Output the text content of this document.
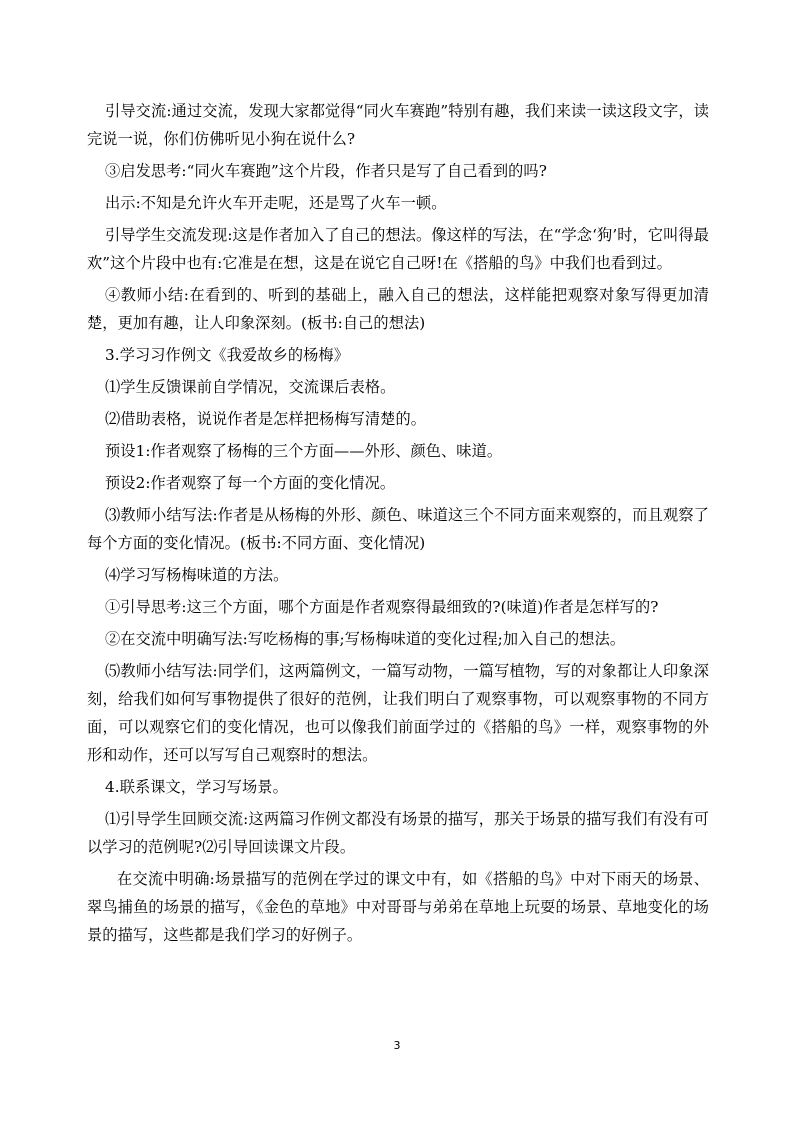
引导交流:通过交流，发现大家都觉得“同火车赛跑”特别有趣，我们来读一读这段文字，读完说一说，你们仿佛听见小狗在说什么?

③启发思考:“同火车赛跑”这个片段，作者只是写了自己看到的吗?

出示:不知是允许火车开走呢，还是骂了火车一顿。

引导学生交流发现:这是作者加入了自己的想法。像这样的写法，在“学念‘狗’时，它叫得最欢”这个片段中也有:它准是在想，这是在说它自己呀!在《搭船的鸟》中我们也看到过。

④教师小结:在看到的、听到的基础上，融入自己的想法，这样能把观察对象写得更加清楚，更加有趣，让人印象深刻。(板书:自己的想法)

3.学习习作例文《我爱故乡的杨梅》

⑴学生反馈课前自学情况，交流课后表格。

⑵借助表格，说说作者是怎样把杨梅写清楚的。

预设1:作者观察了杨梅的三个方面——外形、颜色、味道。

预设2:作者观察了每一个方面的变化情况。

⑶教师小结写法:作者是从杨梅的外形、颜色、味道这三个不同方面来观察的，而且观察了每个方面的变化情况。(板书:不同方面、变化情况)

⑷学习写杨梅味道的方法。

①引导思考:这三个方面，哪个方面是作者观察得最细致的?(味道)作者是怎样写的?

②在交流中明确写法:写吃杨梅的事;写杨梅味道的变化过程;加入自己的想法。

⑸教师小结写法:同学们，这两篇例文，一篇写动物，一篇写植物，写的对象都让人印象深刻，给我们如何写事物提供了很好的范例，让我们明白了观察事物，可以观察事物的不同方面，可以观察它们的变化情况，也可以像我们前面学过的《搭船的鸟》一样，观察事物的外形和动作，还可以写写自己观察时的想法。

4.联系课文，学习写场景。

⑴引导学生回顾交流:这两篇习作例文都没有场景的描写，那关于场景的描写我们有没有可以学习的范例呢?⑵引导回读课文片段。

在交流中明确:场景描写的范例在学过的课文中有，如《搭船的鸟》中对下雨天的场景、翠鸟捕鱼的场景的描写，《金色的草地》中对哥哥与弟弟在草地上玩耍的场景、草地变化的场景的描写，这些都是我们学习的好例子。

3
